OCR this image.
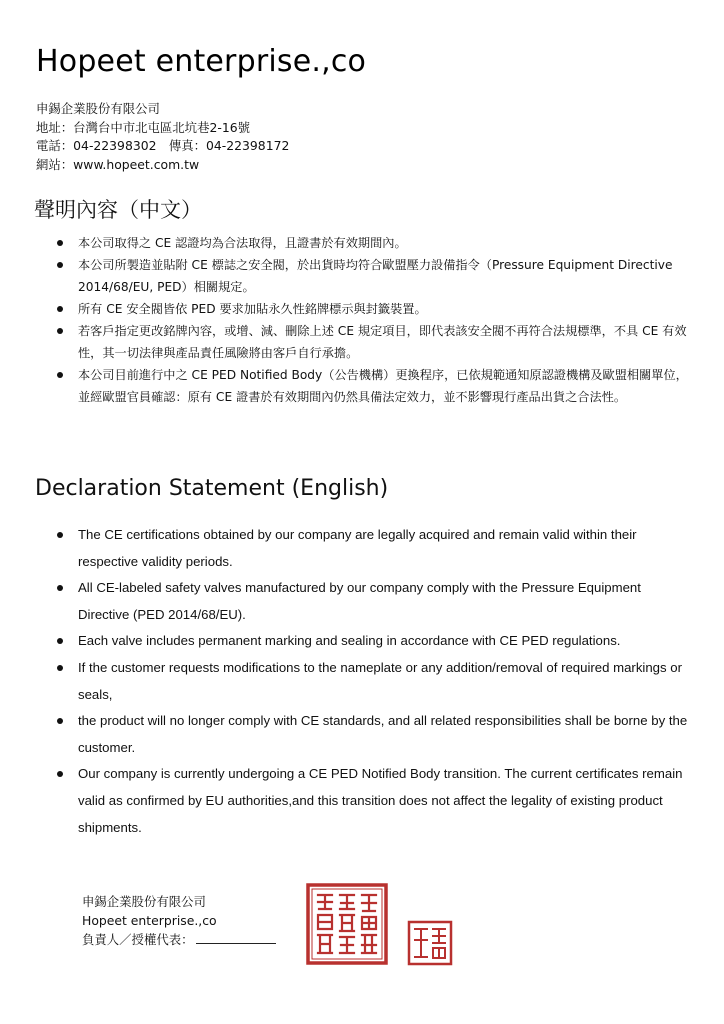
Hopeet enterprise.,co
申錫企業股份有限公司
地址：台灣台中市北屯區北坑巷2-16號
電話：04-22398302　傳真：04-22398172
網站：www.hopeet.com.tw
聲明內容（中文）
本公司取得之 CE 認證均為合法取得，且證書於有效期間內。
本公司所製造並貼附 CE 標誌之安全閥，於出貨時均符合歐盟壓力設備指令（Pressure Equipment Directive 2014/68/EU, PED）相關規定。
所有 CE 安全閥皆依 PED 要求加貼永久性銘牌標示與封籤裝置。
若客戶指定更改銘牌內容，或增、減、刪除上述 CE 規定項目，即代表該安全閥不再符合法規標準，不具 CE 有效性，其一切法律與產品責任風險將由客戶自行承擔。
本公司目前進行中之 CE PED Notified Body（公告機構）更換程序，已依規範通知原認證機構及歐盟相關單位，並經歐盟官員確認：原有 CE 證書於有效期間內仍然具備法定效力，並不影響現行產品出貨之合法性。
Declaration Statement (English)
The CE certifications obtained by our company are legally acquired and remain valid within their respective validity periods.
All CE-labeled safety valves manufactured by our company comply with the Pressure Equipment Directive (PED 2014/68/EU).
Each valve includes permanent marking and sealing in accordance with CE PED regulations.
If the customer requests modifications to the nameplate or any addition/removal of required markings or seals,
the product will no longer comply with CE standards, and all related responsibilities shall be borne by the customer.
Our company is currently undergoing a CE PED Notified Body transition. The current certificates remain valid as confirmed by EU authorities,and this transition does not affect the legality of existing product shipments.
申錫企業股份有限公司
Hopeet enterprise.,co
負責人／授權代表：
